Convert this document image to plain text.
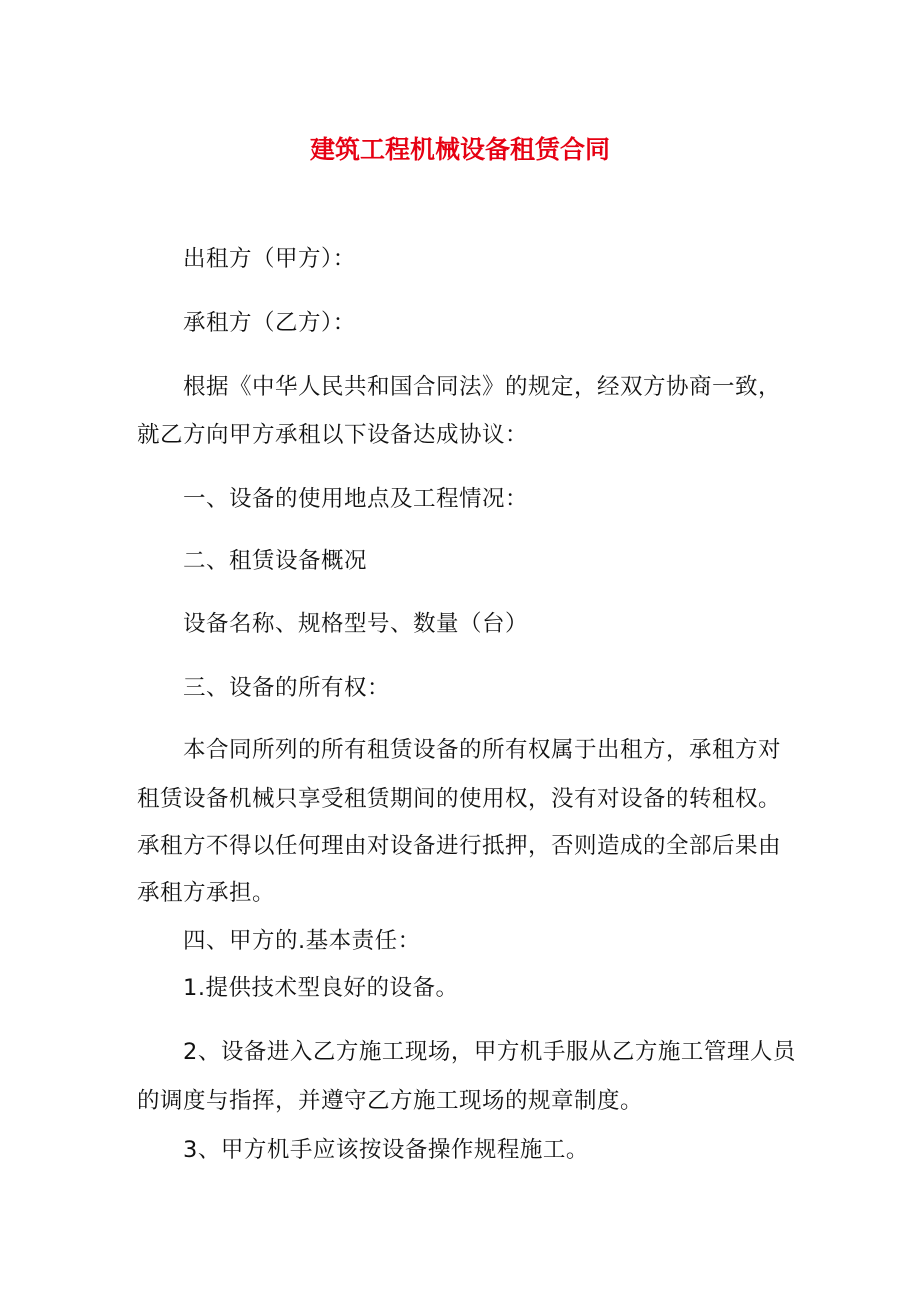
建筑工程机械设备租赁合同
出租方（甲方）：
承租方（乙方）：
根据《中华人民共和国合同法》的规定，经双方协商一致，
就乙方向甲方承租以下设备达成协议：
一、设备的使用地点及工程情况：
二、租赁设备概况
设备名称、规格型号、数量（台）
三、设备的所有权：
本合同所列的所有租赁设备的所有权属于出租方，承租方对
租赁设备机械只享受租赁期间的使用权，没有对设备的转租权。
承租方不得以任何理由对设备进行抵押，否则造成的全部后果由
承租方承担。
四、甲方的.基本责任：
1.提供技术型良好的设备。
2、设备进入乙方施工现场，甲方机手服从乙方施工管理人员
的调度与指挥，并遵守乙方施工现场的规章制度。
3、甲方机手应该按设备操作规程施工。
